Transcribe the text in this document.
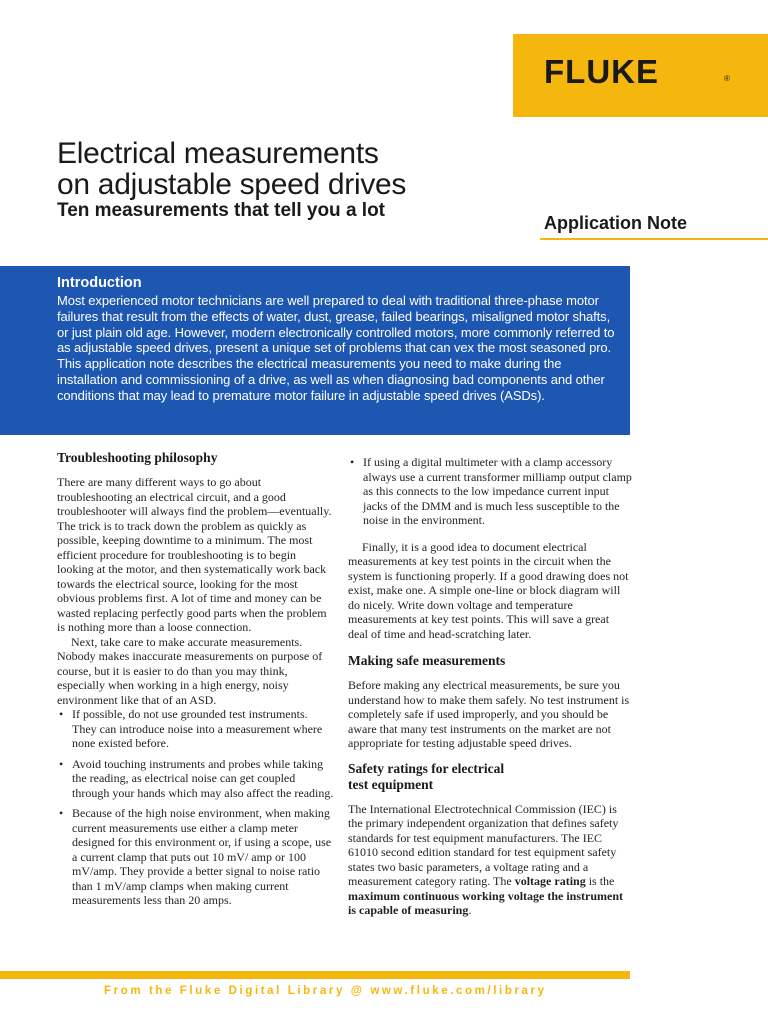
FLUKE	®
Electrical measurements
on adjustable speed drives
Ten measurements that tell you a lot
Application Note
Introduction

Most experienced motor technicians are well prepared to deal with traditional three-phase motor failures that result from the effects of water, dust, grease, failed bearings, misaligned motor shafts, or just plain old age. However, modern electronically controlled motors, more commonly referred to as adjustable speed drives, present a unique set of problems that can vex the most seasoned pro. This application note describes the electrical measurements you need to make during the installation and commissioning of a drive, as well as when diagnosing bad components and other conditions that may lead to premature motor failure in adjustable speed drives (ASDs).

Troubleshooting philosophy

There are many different ways to go about troubleshooting an electrical circuit, and a good troubleshooter will always find the problem—eventually. The trick is to track down the problem as quickly as possible, keeping downtime to a minimum. The most efficient procedure for troubleshooting is to begin looking at the motor, and then systematically work back towards the electrical source, looking for the most obvious problems first. A lot of time and money can be wasted replacing perfectly good parts when the problem is nothing more than a loose connection.

Next, take care to make accurate measurements. Nobody makes inaccurate measurements on purpose of course, but it is easier to do than you may think, especially when working in a high energy, noisy environment like that of an ASD.

• If possible, do not use grounded test instruments. They can introduce noise into a measurement where none existed before.
• Avoid touching instruments and probes while taking the reading, as electrical noise can get coupled through your hands which may also affect the reading.
• Because of the high noise environment, when making current measurements use either a clamp meter designed for this environment or, if using a scope, use a current clamp that puts out 10 mV/ amp or 100 mV/amp. They provide a better signal to noise ratio than 1 mV/amp clamps when making current measurements less than 20 amps.
• If using a digital multimeter with a clamp accessory always use a current transformer milliamp output clamp as this connects to the low impedance current input jacks of the DMM and is much less susceptible to the noise in the environment.

Finally, it is a good idea to document electrical measurements at key test points in the circuit when the system is functioning properly. If a good drawing does not exist, make one. A simple one-line or block diagram will do nicely. Write down voltage and temperature measurements at key test points. This will save a great deal of time and head-scratching later.

Making safe measurements

Before making any electrical measurements, be sure you understand how to make them safely. No test instrument is completely safe if used improperly, and you should be aware that many test instruments on the market are not appropriate for testing adjustable speed drives.

Safety ratings for electrical
test equipment

The International Electrotechnical Commission (IEC) is the primary independent organization that defines safety standards for test equipment manufacturers. The IEC 61010 second edition standard for test equipment safety states two basic parameters, a voltage rating and a measurement category rating. The voltage rating is the maximum continuous working voltage the instrument is capable of measuring.

From the Fluke Digital Library @ www.fluke.com/library
